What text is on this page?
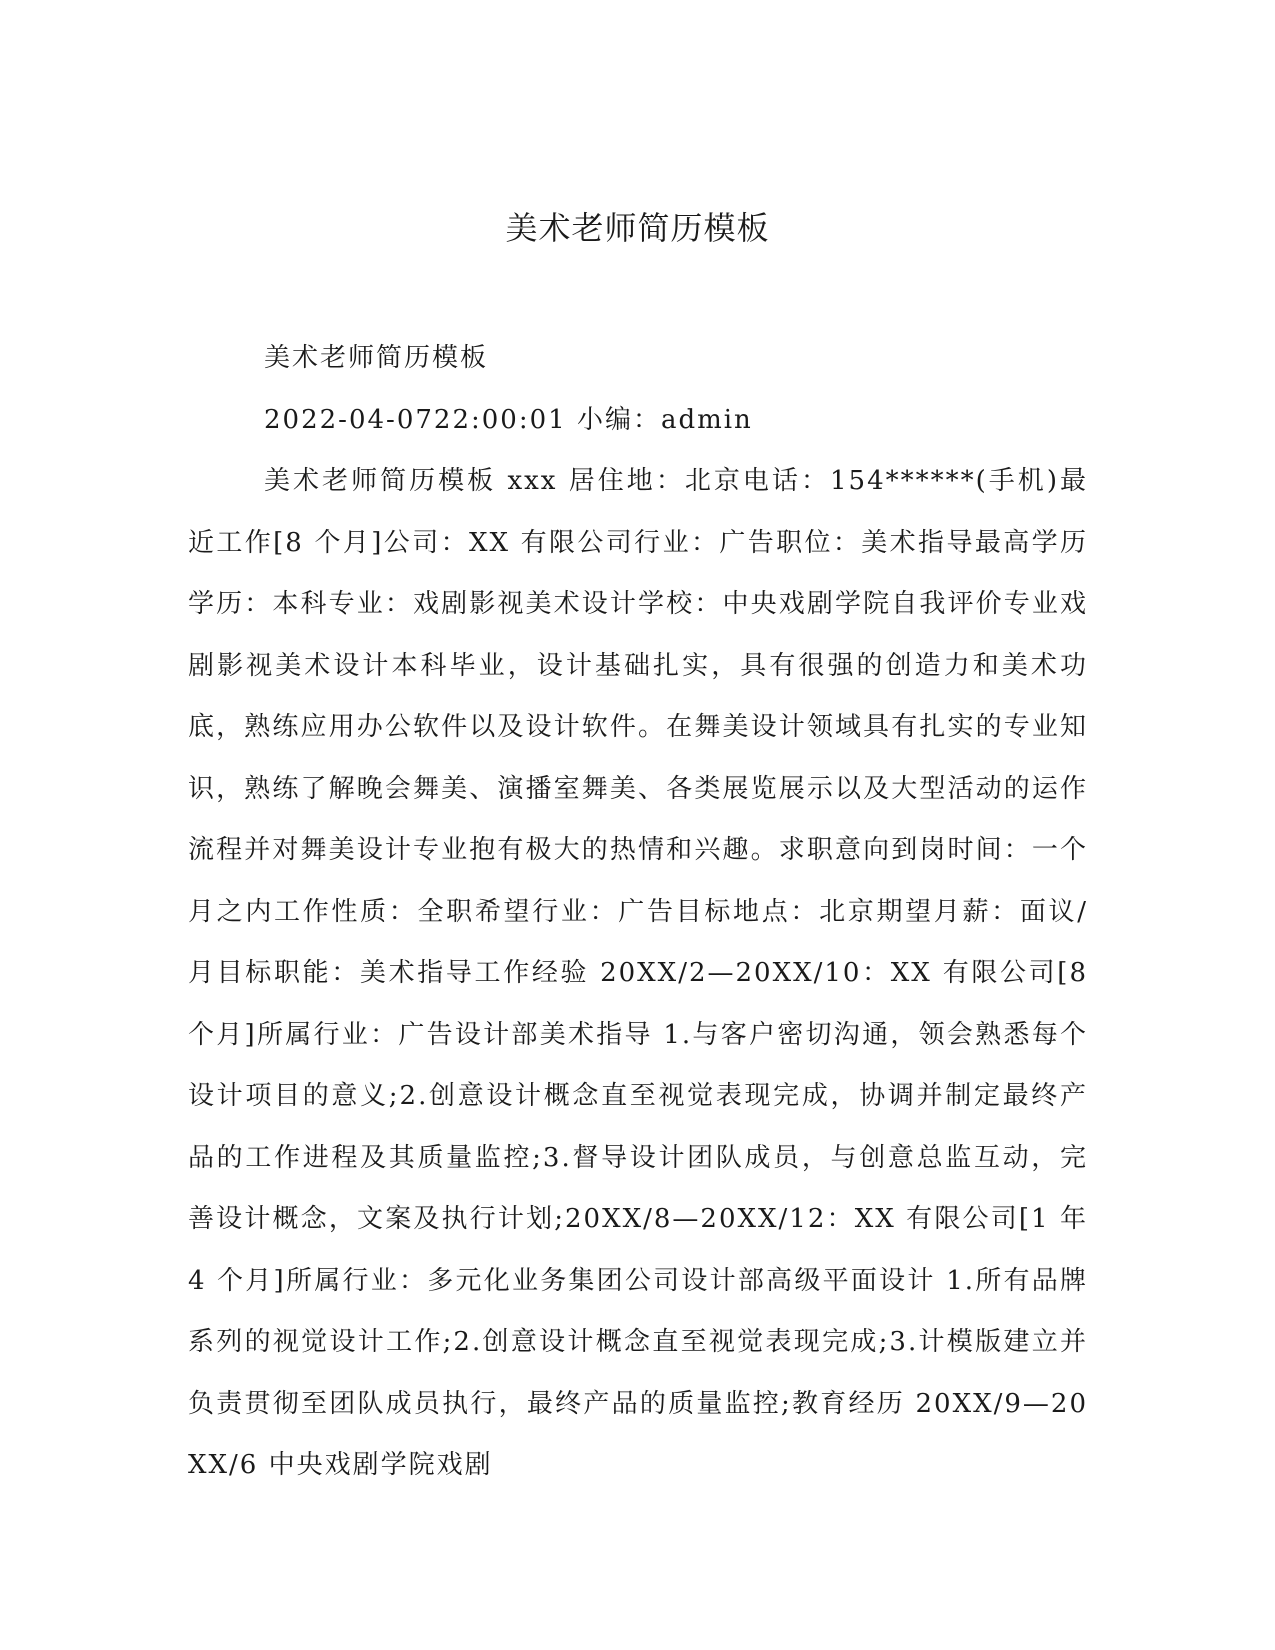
美术老师简历模板

美术老师简历模板

2022-04-0722:00:01 小编：admin

美术老师简历模板 xxx 居住地：北京电话：154******(手机)最近工作[8 个月]公司：XX 有限公司行业：广告职位：美术指导最高学历学历：本科专业：戏剧影视美术设计学校：中央戏剧学院自我评价专业戏剧影视美术设计本科毕业，设计基础扎实，具有很强的创造力和美术功底，熟练应用办公软件以及设计软件。在舞美设计领域具有扎实的专业知识，熟练了解晚会舞美、演播室舞美、各类展览展示以及大型活动的运作流程并对舞美设计专业抱有极大的热情和兴趣。求职意向到岗时间：一个月之内工作性质：全职希望行业：广告目标地点：北京期望月薪：面议/月目标职能：美术指导工作经验 20XX/2—20XX/10：XX 有限公司[8 个月]所属行业：广告设计部美术指导 1.与客户密切沟通，领会熟悉每个设计项目的意义;2.创意设计概念直至视觉表现完成，协调并制定最终产品的工作进程及其质量监控;3.督导设计团队成员，与创意总监互动，完善设计概念，文案及执行计划;20XX/8—20XX/12：XX 有限公司[1 年 4 个月]所属行业：多元化业务集团公司设计部高级平面设计 1.所有品牌系列的视觉设计工作;2.创意设计概念直至视觉表现完成;3.计模版建立并负责贯彻至团队成员执行，最终产品的质量监控;教育经历 20XX/9—20XX/6 中央戏剧学院戏剧
